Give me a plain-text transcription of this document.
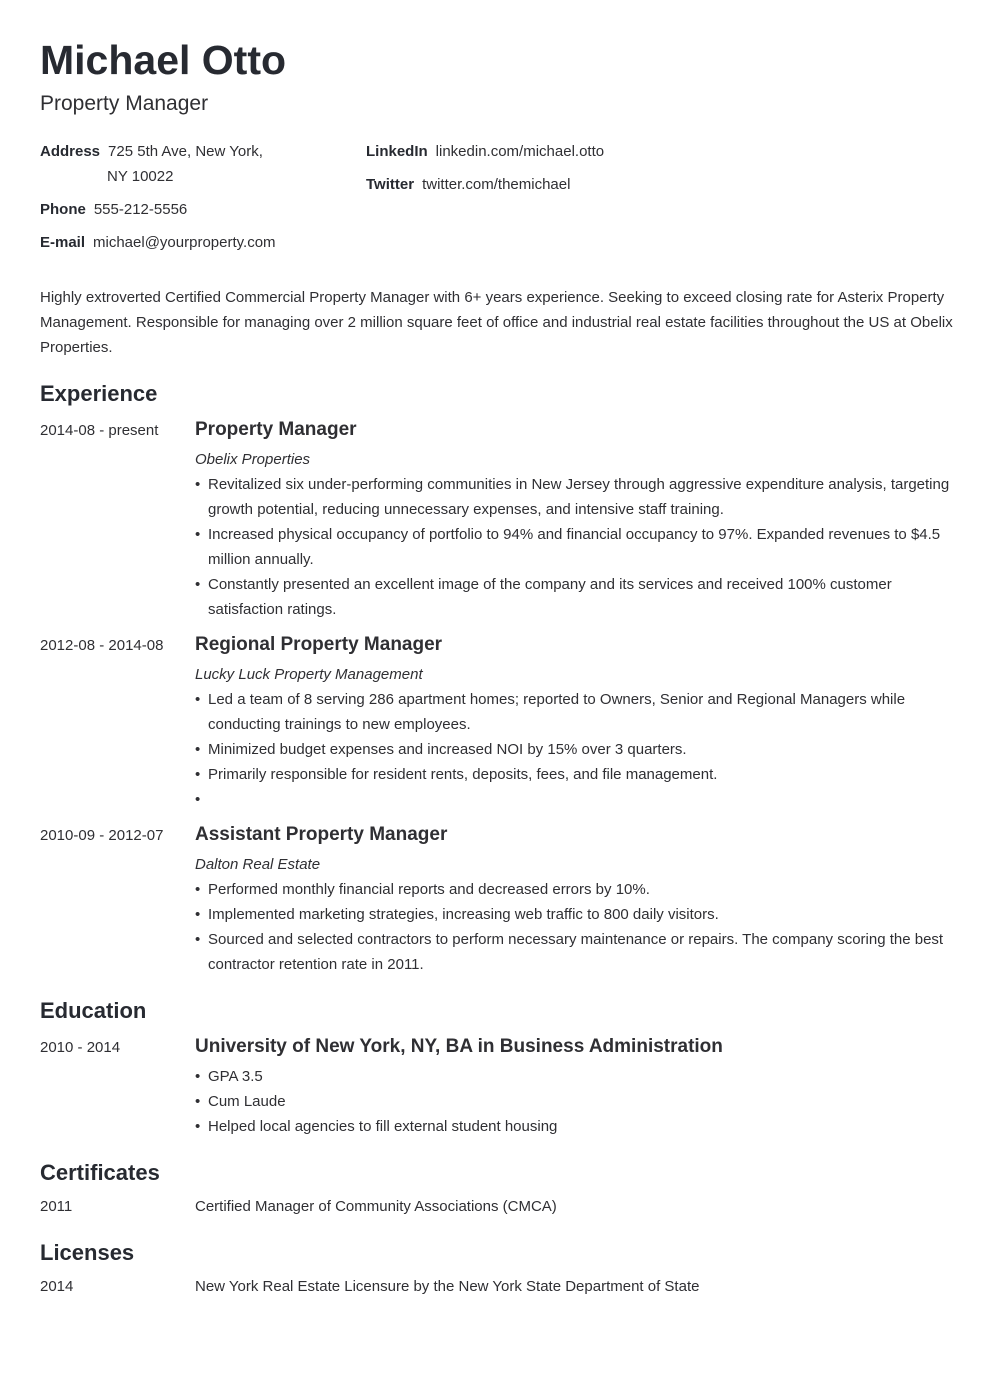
Michael Otto
Property Manager
Address 725 5th Ave, New York,
NY 10022
Phone 555-212-5556
E-mail michael@yourproperty.com
LinkedIn linkedin.com/michael.otto
Twitter twitter.com/themichael
Highly extroverted Certified Commercial Property Manager with 6+ years experience. Seeking to exceed closing rate for Asterix Property Management. Responsible for managing over 2 million square feet of office and industrial real estate facilities throughout the US at Obelix Properties.
Experience
2014-08 - present Property Manager
Obelix Properties
• Revitalized six under-performing communities in New Jersey through aggressive expenditure analysis, targeting growth potential, reducing unnecessary expenses, and intensive staff training.
• Increased physical occupancy of portfolio to 94% and financial occupancy to 97%. Expanded revenues to $4.5 million annually.
• Constantly presented an excellent image of the company and its services and received 100% customer satisfaction ratings.
2012-08 - 2014-08 Regional Property Manager
Lucky Luck Property Management
• Led a team of 8 serving 286 apartment homes; reported to Owners, Senior and Regional Managers while conducting trainings to new employees.
• Minimized budget expenses and increased NOI by 15% over 3 quarters.
• Primarily responsible for resident rents, deposits, fees, and file management.
•
2010-09 - 2012-07 Assistant Property Manager
Dalton Real Estate
• Performed monthly financial reports and decreased errors by 10%.
• Implemented marketing strategies, increasing web traffic to 800 daily visitors.
• Sourced and selected contractors to perform necessary maintenance or repairs. The company scoring the best contractor retention rate in 2011.
Education
2010 - 2014	University of New York, NY, BA in Business Administration
• GPA 3.5
• Cum Laude
• Helped local agencies to fill external student housing
Certificates
2011	Certified Manager of Community Associations (CMCA)
Licenses
2014	New York Real Estate Licensure by the New York State Department of State
